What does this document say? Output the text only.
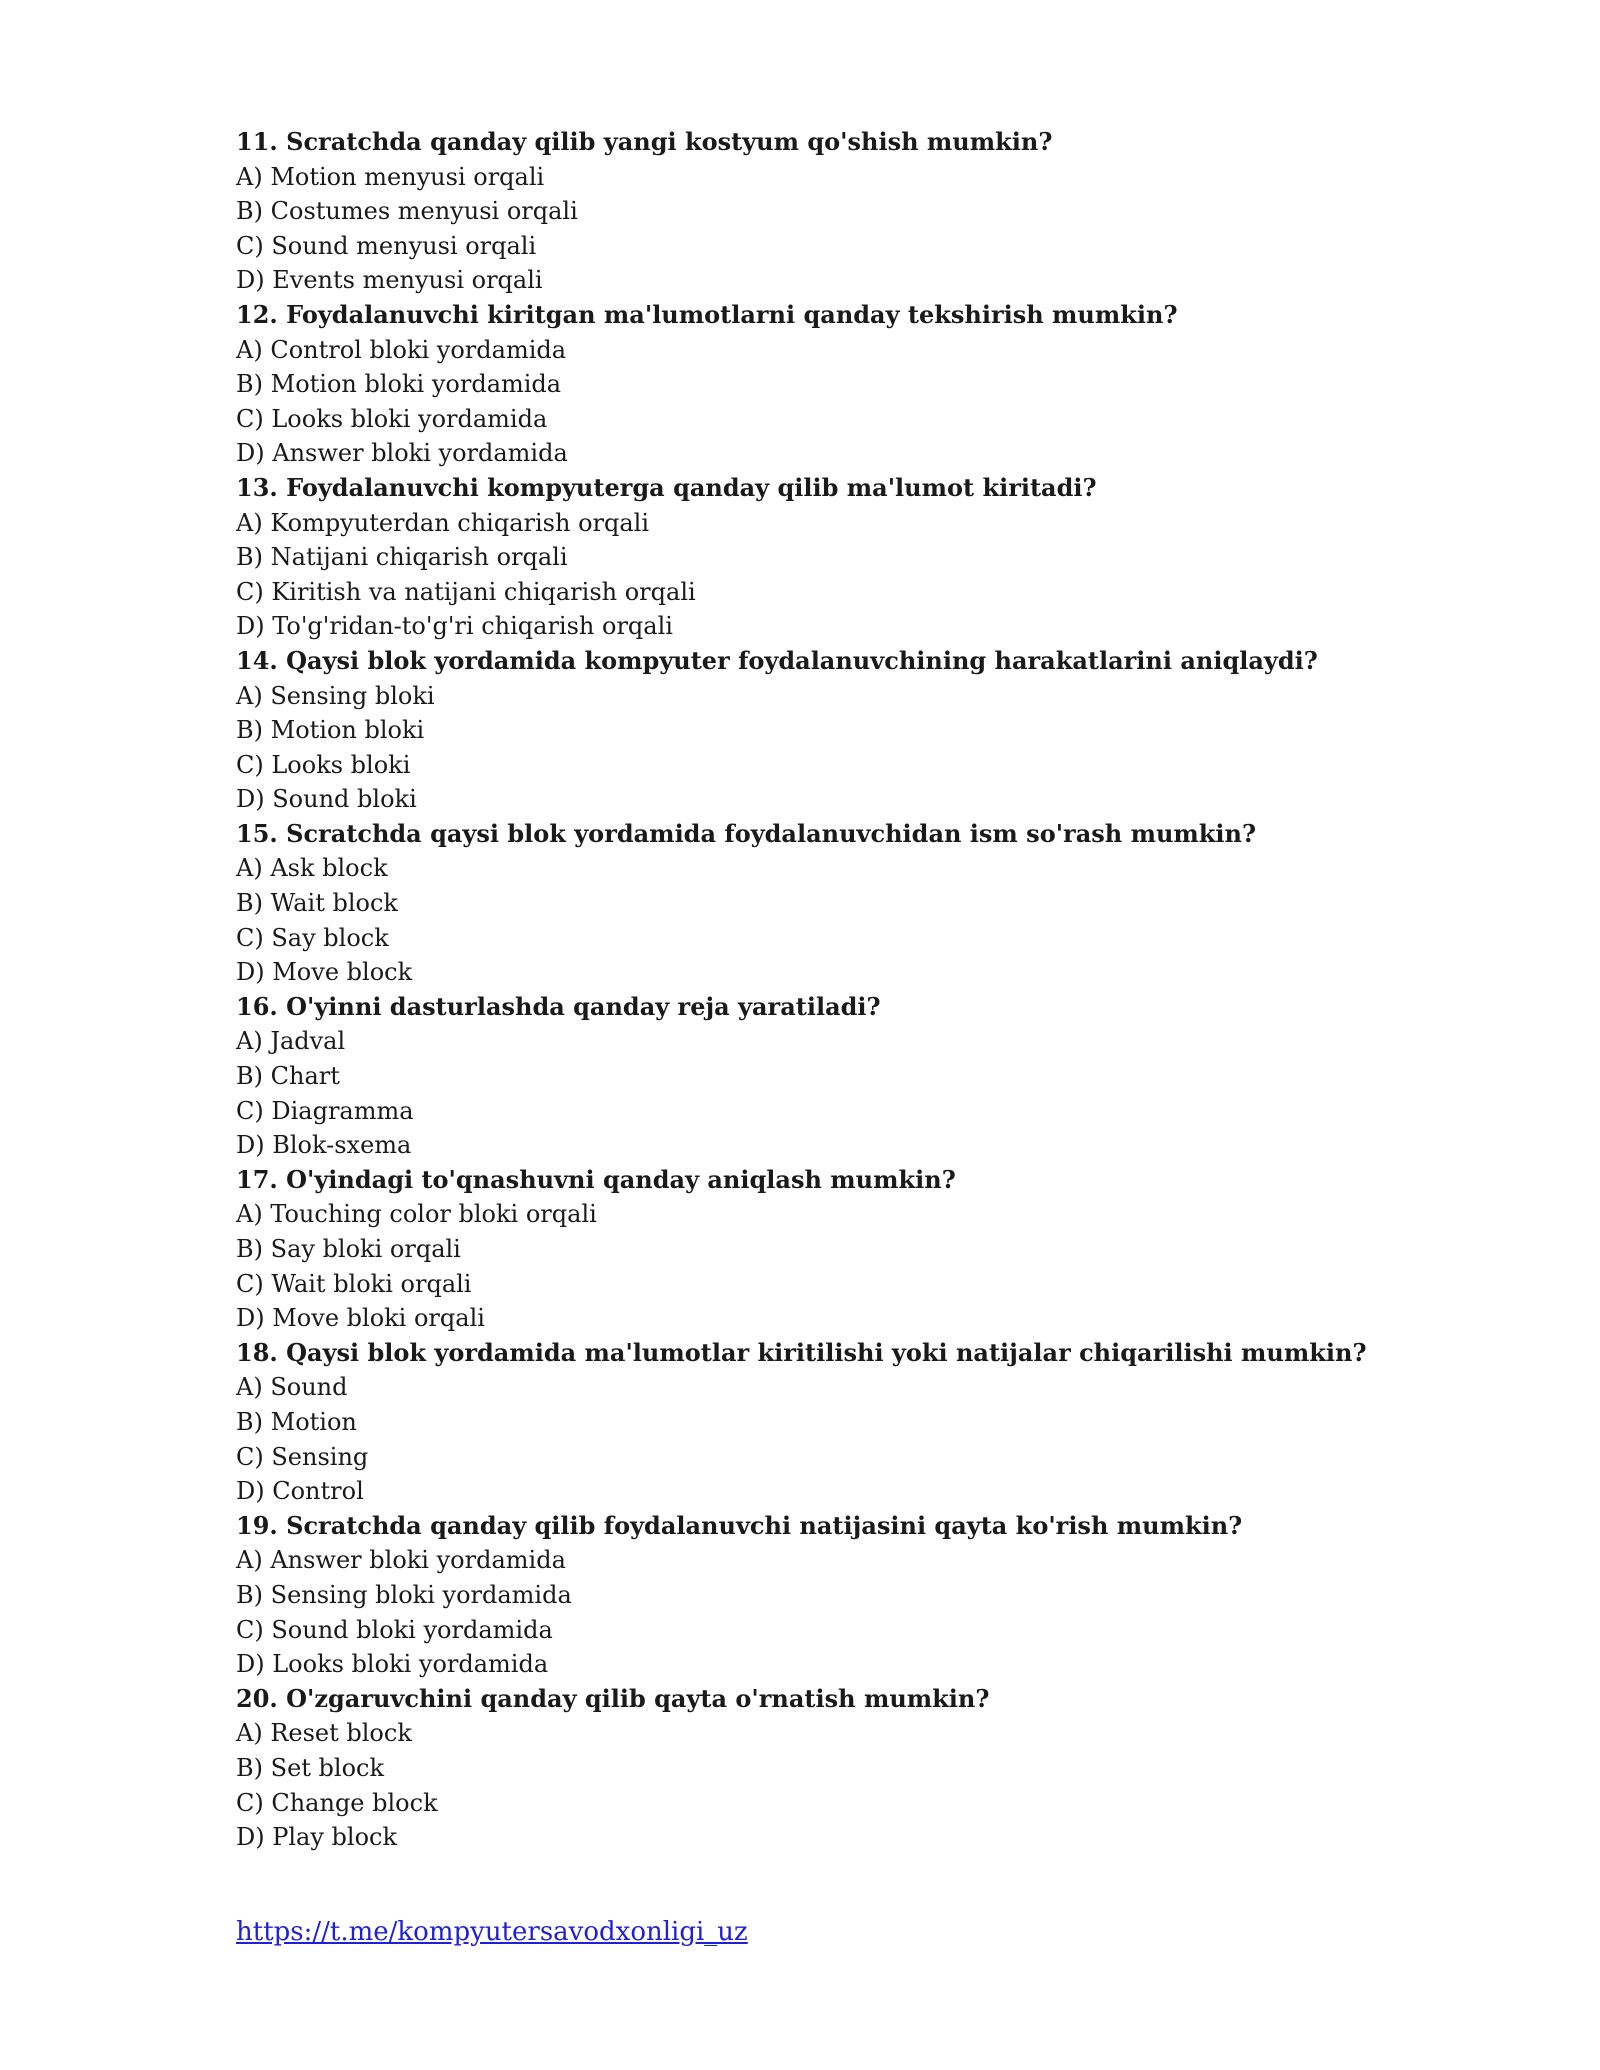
11. Scratchda qanday qilib yangi kostyum qo'shish mumkin?
A) Motion menyusi orqali
B) Costumes menyusi orqali
C) Sound menyusi orqali
D) Events menyusi orqali
12. Foydalanuvchi kiritgan ma'lumotlarni qanday tekshirish mumkin?
A) Control bloki yordamida
B) Motion bloki yordamida
C) Looks bloki yordamida
D) Answer bloki yordamida
13. Foydalanuvchi kompyuterga qanday qilib ma'lumot kiritadi?
A) Kompyuterdan chiqarish orqali
B) Natijani chiqarish orqali
C) Kiritish va natijani chiqarish orqali
D) To'g'ridan-to'g'ri chiqarish orqali
14. Qaysi blok yordamida kompyuter foydalanuvchining harakatlarini aniqlaydi?
A) Sensing bloki
B) Motion bloki
C) Looks bloki
D) Sound bloki
15. Scratchda qaysi blok yordamida foydalanuvchidan ism so'rash mumkin?
A) Ask block
B) Wait block
C) Say block
D) Move block
16. O'yinni dasturlashda qanday reja yaratiladi?
A) Jadval
B) Chart
C) Diagramma
D) Blok-sxema
17. O'yindagi to'qnashuvni qanday aniqlash mumkin?
A) Touching color bloki orqali
B) Say bloki orqali
C) Wait bloki orqali
D) Move bloki orqali
18. Qaysi blok yordamida ma'lumotlar kiritilishi yoki natijalar chiqarilishi mumkin?
A) Sound
B) Motion
C) Sensing
D) Control
19. Scratchda qanday qilib foydalanuvchi natijasini qayta ko'rish mumkin?
A) Answer bloki yordamida
B) Sensing bloki yordamida
C) Sound bloki yordamida
D) Looks bloki yordamida
20. O'zgaruvchini qanday qilib qayta o'rnatish mumkin?
A) Reset block
B) Set block
C) Change block
D) Play block
https://t.me/kompyutersavodxonligi_uz
